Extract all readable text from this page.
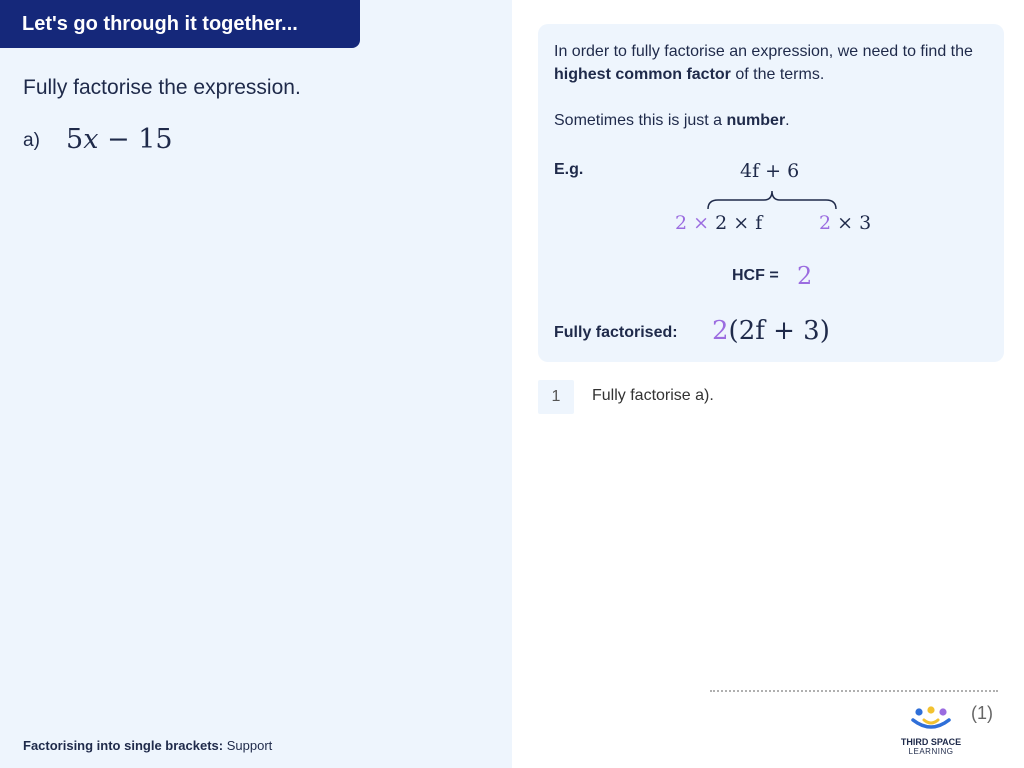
Let's go through it together...
Fully factorise the expression.
a) 5x − 15
Factorising into single brackets: Support
In order to fully factorise an expression, we need to find the highest common factor of the terms.
Sometimes this is just a number.
E.g.	4f + 6
2 × 2 × f	2 × 3
HCF = 2
Fully factorised: 2(2f + 3)
1	Fully factorise a).
(1)
THIRD SPACE
LEARNING
